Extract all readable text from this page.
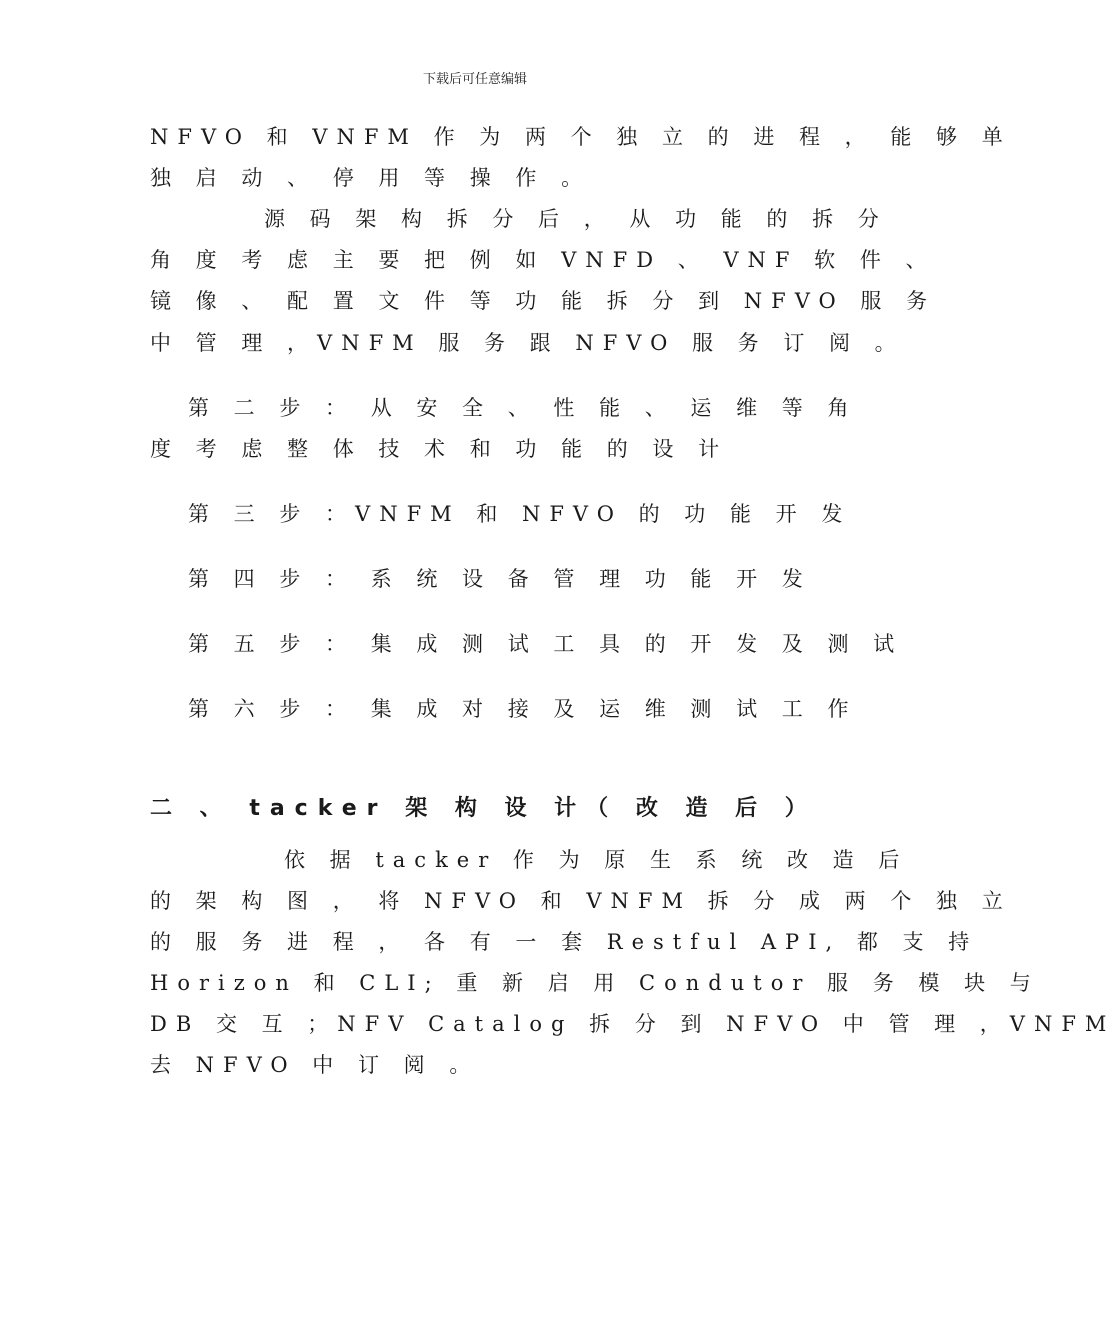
下载后可任意编辑
NFVO 和 VNFM 作 为 两 个 独 立 的 进 程 ， 能 够 单
独 启 动 、 停 用 等 操 作 。
源 码 架 构 拆 分 后 ， 从 功 能 的 拆 分
角 度 考 虑 主 要 把 例 如 VNFD 、 VNF 软 件 、
镜 像 、 配 置 文 件 等 功 能 拆 分 到 NFVO 服 务
中 管 理 ，VNFM 服 务 跟 NFVO 服 务 订 阅 。
第 二 步 ： 从 安 全 、 性 能 、 运 维 等 角
度 考 虑 整 体 技 术 和 功 能 的 设 计
第 三 步 ：VNFM 和 NFVO 的 功 能 开 发
第 四 步 ： 系 统 设 备 管 理 功 能 开 发
第 五 步 ： 集 成 测 试 工 具 的 开 发 及 测 试
第 六 步 ： 集 成 对 接 及 运 维 测 试 工 作
二 、 tacker 架 构 设 计（ 改 造 后 ）
依 据 tacker 作 为 原 生 系 统 改 造 后
的 架 构 图 ， 将 NFVO 和 VNFM 拆 分 成 两 个 独 立
的 服 务 进 程 ， 各 有 一 套 Restful API, 都 支 持
Horizon 和 CLI; 重 新 启 用 Condutor 服 务 模 块 与
DB 交 互 ；NFV Catalog 拆 分 到 NFVO 中 管 理 ，VNFM
去 NFVO 中 订 阅 。
